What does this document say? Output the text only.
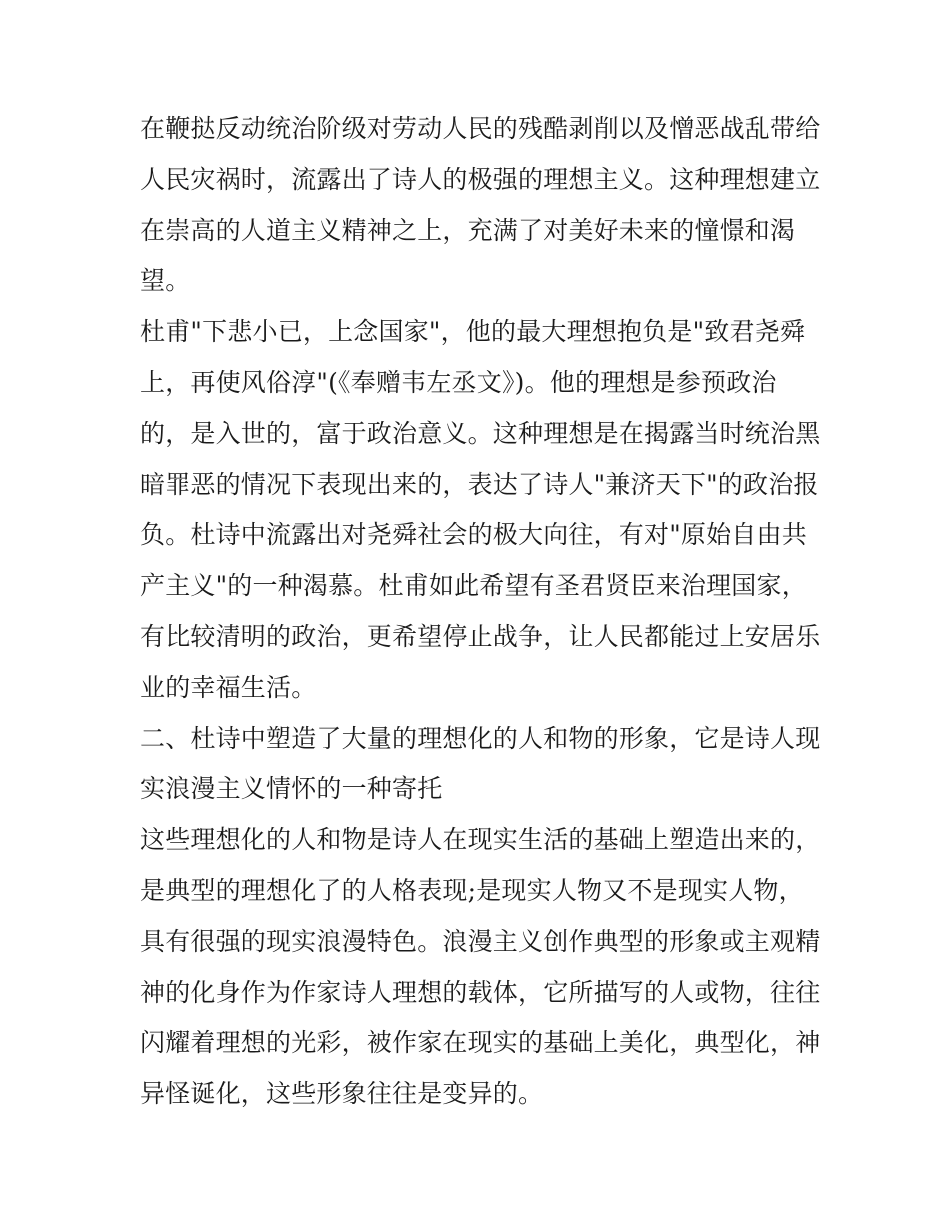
在鞭挞反动统治阶级对劳动人民的残酷剥削以及憎恶战乱带给
人民灾祸时，流露出了诗人的极强的理想主义。这种理想建立
在崇高的人道主义精神之上，充满了对美好未来的憧憬和渴
望。
杜甫"下悲小已，上念国家"，他的最大理想抱负是"致君尧舜
上，再使风俗淳"(《奉赠韦左丞文》)。他的理想是参预政治
的，是入世的，富于政治意义。这种理想是在揭露当时统治黑
暗罪恶的情况下表现出来的，表达了诗人"兼济天下"的政治报
负。杜诗中流露出对尧舜社会的极大向往，有对"原始自由共
产主义"的一种渴慕。杜甫如此希望有圣君贤臣来治理国家，
有比较清明的政治，更希望停止战争，让人民都能过上安居乐
业的幸福生活。
二、杜诗中塑造了大量的理想化的人和物的形象，它是诗人现
实浪漫主义情怀的一种寄托
这些理想化的人和物是诗人在现实生活的基础上塑造出来的，
是典型的理想化了的人格表现;是现实人物又不是现实人物，
具有很强的现实浪漫特色。浪漫主义创作典型的形象或主观精
神的化身作为作家诗人理想的载体，它所描写的人或物，往往
闪耀着理想的光彩，被作家在现实的基础上美化，典型化，神
异怪诞化，这些形象往往是变异的。
